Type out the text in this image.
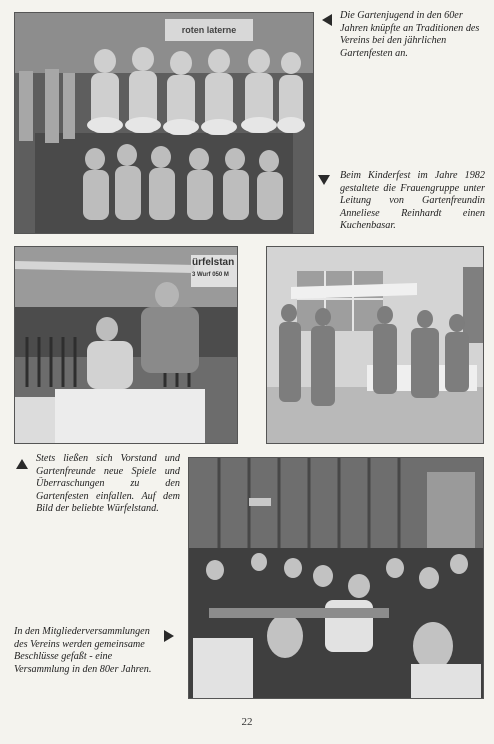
roten laterne

Die Gartenjugend in den 60er Jahren knüpfte an Traditionen des Vereins bei den jährlichen Gartenfesten an.

Beim Kinderfest im Jahre 1982 gestaltete die Frauengruppe unter Leitung von Gartenfreundin Anneliese Reinhardt einen Kuchenbasar.

ürfelstan
3 Wurf 050 M

Stets ließen sich Vorstand und Gartenfreunde neue Spiele und Überraschungen zu den Gartenfesten einfallen. Auf dem Bild der beliebte Würfelstand.

In den Mitgliederversammlungen des Vereins werden gemeinsame Beschlüsse gefaßt - eine Versammlung in den 80er Jahren.

22
